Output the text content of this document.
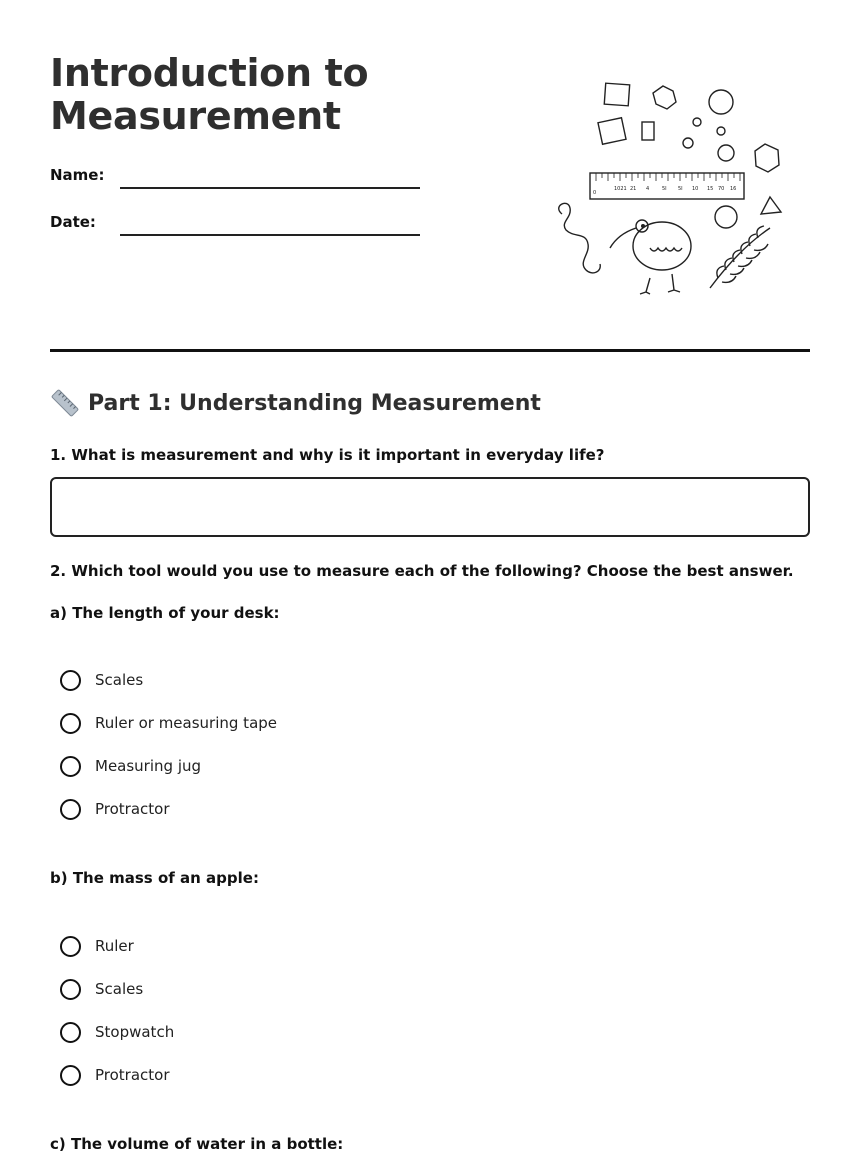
Introduction to Measurement
Name:
Date:
0
1021 21 4	5I 5I 10 15 70 16
Part 1: Understanding Measurement

1. What is measurement and why is it important in everyday life?

2. Which tool would you use to measure each of the following? Choose the best answer.

a) The length of your desk:

Scales
Ruler or measuring tape
Measuring jug
Protractor

b) The mass of an apple:

Ruler
Scales
Stopwatch
Protractor

c) The volume of water in a bottle:
